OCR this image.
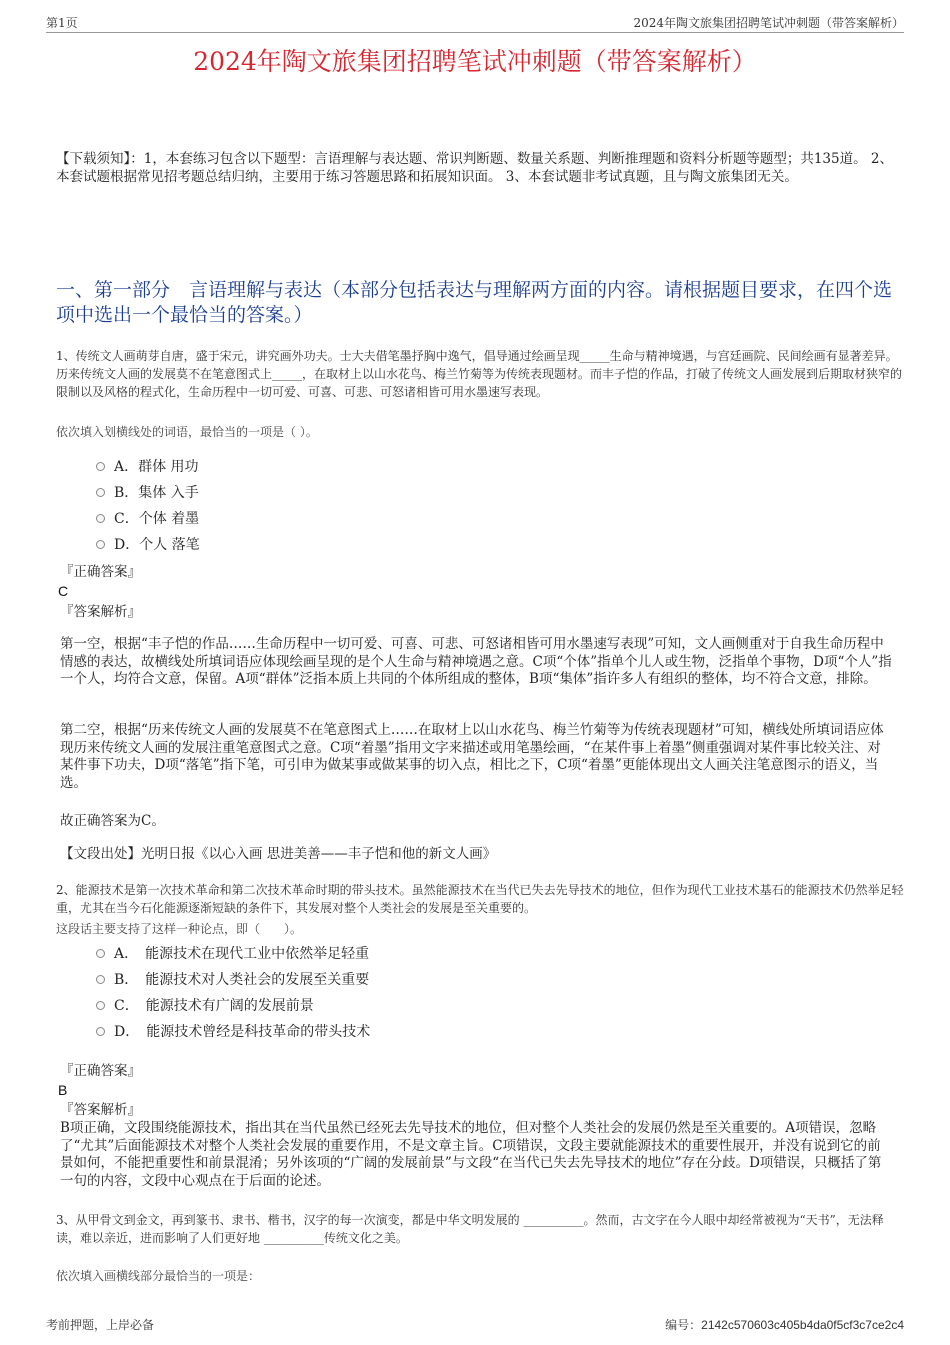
第1页	2024年陶文旅集团招聘笔试冲刺题（带答案解析）
2024年陶文旅集团招聘笔试冲刺题（带答案解析）
【下载须知】：1，本套练习包含以下题型：言语理解与表达题、常识判断题、数量关系题、判断推理题和资料分析题等题型；共135道。 2、本套试题根据常见招考题总结归纳，主要用于练习答题思路和拓展知识面。 3、本套试题非考试真题，且与陶文旅集团无关。
一、第一部分　言语理解与表达（本部分包括表达与理解两方面的内容。请根据题目要求，在四个选项中选出一个最恰当的答案。）
1、传统文人画萌芽自唐，盛于宋元，讲究画外功夫。士大夫借笔墨抒胸中逸气，倡导通过绘画呈现_____生命与精神境遇，与宫廷画院、民间绘画有显著差异。历来传统文人画的发展莫不在笔意图式上_____，在取材上以山水花鸟、梅兰竹菊等为传统表现题材。而丰子恺的作品，打破了传统文人画发展到后期取材狭窄的限制以及风格的程式化，生命历程中一切可爱、可喜、可悲、可怒诸相皆可用水墨速写表现。
依次填入划横线处的词语，最恰当的一项是（ ）。
A．群体 用功
B．集体 入手
C．个体 着墨
D．个人 落笔
『正确答案』
C
『答案解析』
第一空，根据“丰子恺的作品……生命历程中一切可爱、可喜、可悲、可怒诸相皆可用水墨速写表现”可知，文人画侧重对于自我生命历程中情感的表达，故横线处所填词语应体现绘画呈现的是个人生命与精神境遇之意。C项“个体”指单个儿人或生物，泛指单个事物，D项“个人”指一个人，均符合文意，保留。A项“群体”泛指本质上共同的个体所组成的整体，B项“集体”指许多人有组织的整体，均不符合文意，排除。
第二空，根据“历来传统文人画的发展莫不在笔意图式上……在取材上以山水花鸟、梅兰竹菊等为传统表现题材”可知，横线处所填词语应体现历来传统文人画的发展注重笔意图式之意。C项“着墨”指用文字来描述或用笔墨绘画，“在某件事上着墨”侧重强调对某件事比较关注、对某件事下功夫，D项“落笔”指下笔，可引申为做某事或做某事的切入点，相比之下，C项“着墨”更能体现出文人画关注笔意图示的语义，当选。
故正确答案为C。
【文段出处】光明日报《以心入画 思进美善——丰子恺和他的新文人画》
2、能源技术是第一次技术革命和第二次技术革命时期的带头技术。虽然能源技术在当代已失去先导技术的地位，但作为现代工业技术基石的能源技术仍然举足轻重，尤其在当今石化能源逐渐短缺的条件下，其发展对整个人类社会的发展是至关重要的。
这段话主要支持了这样一种论点，即（　　）。
A．　能源技术在现代工业中依然举足轻重
B．　能源技术对人类社会的发展至关重要
C．　能源技术有广阔的发展前景
D．　能源技术曾经是科技革命的带头技术
『正确答案』
B
『答案解析』
B项正确，文段围绕能源技术，指出其在当代虽然已经死去先导技术的地位，但对整个人类社会的发展仍然是至关重要的。A项错误，忽略了“尤其”后面能源技术对整个人类社会发展的重要作用，不是文章主旨。C项错误，文段主要就能源技术的重要性展开，并没有说到它的前景如何，不能把重要性和前景混淆；另外该项的“广阔的发展前景”与文段“在当代已失去先导技术的地位”存在分歧。D项错误，只概括了第一句的内容，文段中心观点在于后面的论述。
3、从甲骨文到金文，再到篆书、隶书、楷书，汉字的每一次演变，都是中华文明发展的 __________。然而，古文字在今人眼中却经常被视为“天书”，无法释读，难以亲近，进而影响了人们更好地 __________传统文化之美。
依次填入画横线部分最恰当的一项是：
考前押题，上岸必备	编号：2142c570603c405b4da0f5cf3c7ce2c4
